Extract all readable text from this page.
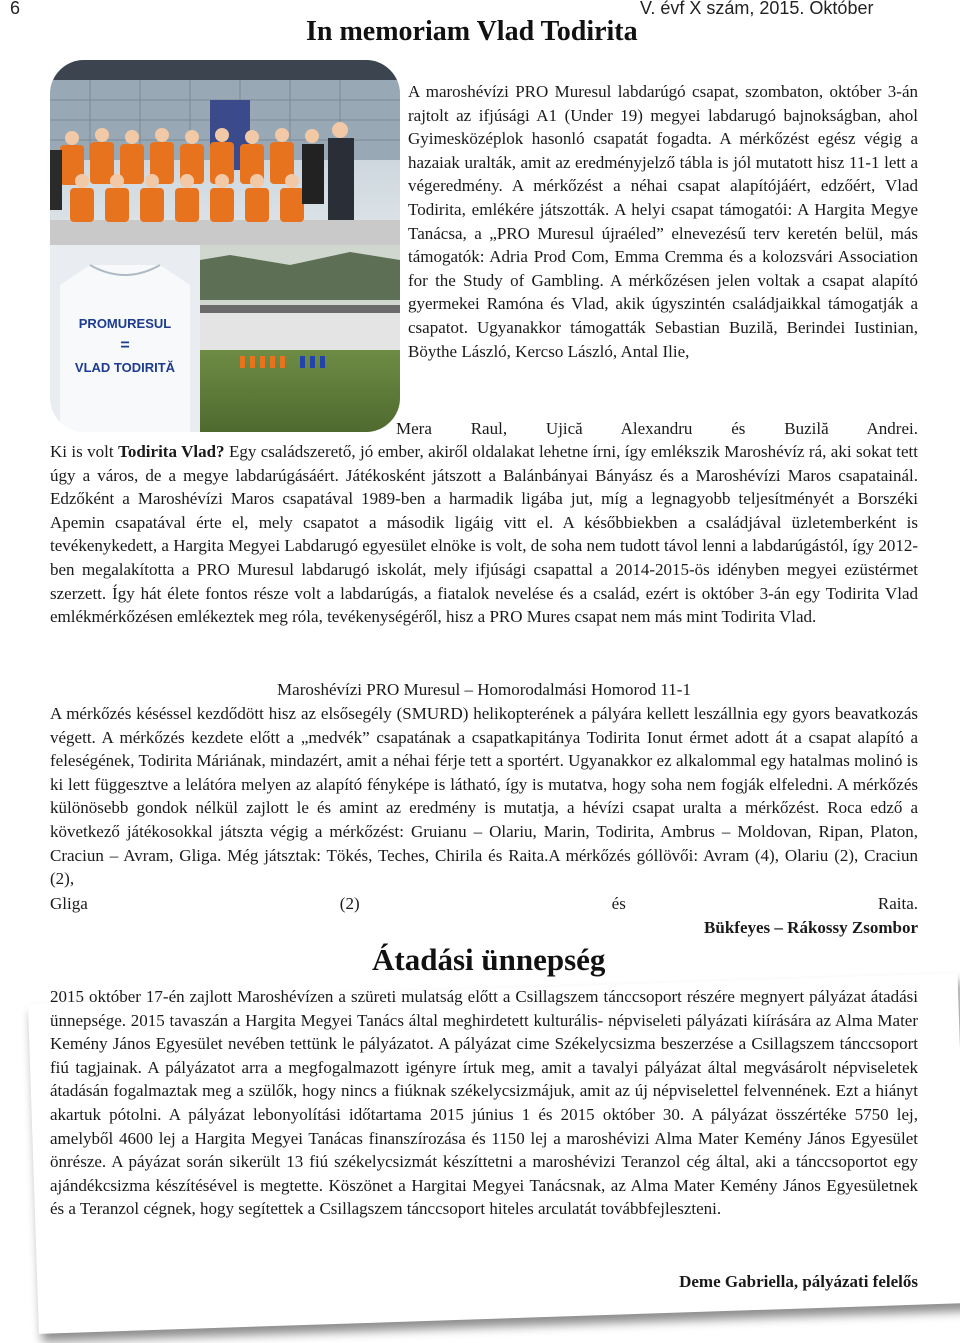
6	V. évf X szám, 2015. Október
In memoriam Vlad Todirita
PROMURESUL
=
VLAD TODIRITĂ

A maroshévízi PRO Muresul labdarúgó csapat, szombaton, október 3-án rajtolt az ifjúsági A1 (Under 19) megyei labdarugó bajnokságban, ahol Gyimesközéplok hasonló csapatát fogadta. A mérkőzést egész végig a hazaiak uralták, amit az eredményjelző tábla is jól mutatott hisz 11-1 lett a végeredmény. A mérkőzést a néhai csapat alapítójáért, edzőért, Vlad Todirita, emlékére játszották. A helyi csapat támogatói: A Hargita Megye Tanácsa, a „PRO Muresul újraéled” elnevezésű terv keretén belül, más támogatók: Adria Prod Com, Emma Cremma és a kolozsvári Association for the Study of Gambling. A mérkőzésen jelen voltak a csapat alapító gyermekei Ramóna és Vlad, akik úgyszintén családjaikkal támogatják a csapatot. Ugyanakkor támogatták Sebastian Buzilă, Berindei Iustinian, Böythe László, Kercso László, Antal Ilie,

Mera Raul, Ujică Alexandru és Buzilă Andrei.

Ki is volt Todirita Vlad? Egy családszerető, jó ember, akiről oldalakat lehetne írni, így emlékszik Maroshévíz rá, aki sokat tett úgy a város, de a megye labdarúgásáért. Játékosként játszott a Balánbányai Bányász és a Maroshévízi Maros csapatainál. Edzőként a Maroshévízi Maros csapatával 1989-ben a harmadik ligába jut, míg a legnagyobb teljesítményét a Borszéki Apemin csapatával érte el, mely csapatot a második ligáig vitt el. A későbbiekben a családjával üzletemberként is tevékenykedett, a Hargita Megyei Labdarugó egyesület elnöke is volt, de soha nem tudott távol lenni a labdarúgástól, így 2012-ben megalakította a PRO Muresul labdarugó iskolát, mely ifjúsági csapattal a 2014-2015-ös idényben megyei ezüstérmet szerzett. Így hát élete fontos része volt a labdarúgás, a fiatalok nevelése és a család, ezért is október 3-án egy Todirita Vlad emlékmérkőzésen emlékeztek meg róla, tevékenységéről, hisz a PRO Mures csapat nem más mint Todirita Vlad.

Maroshévízi PRO Muresul – Homorodalmási Homorod 11-1

A mérkőzés késéssel kezdődött hisz az elsősegély (SMURD) helikopterének a pályára kellett leszállnia egy gyors beavatkozás végett. A mérkőzés kezdete előtt a „medvék” csapatának a csapatkapitánya Todirita Ionut érmet adott át a csapat alapító a feleségének, Todirita Máriának, mindazért, amit a néhai férje tett a sportért. Ugyanakkor ez alkalommal egy hatalmas molinó is ki lett függesztve a lelátóra melyen az alapító fényképe is látható, így is mutatva, hogy soha nem fogják elfeledni. A mérkőzés különösebb gondok nélkül zajlott le és amint az eredmény is mutatja, a hévízi csapat uralta a mérkőzést. Roca edző a következő játékosokkal játszta végig a mérkőzést: Gruianu – Olariu, Marin, Todirita, Ambrus – Moldovan, Ripan, Platon, Craciun – Avram, Gliga. Még játsztak: Tökés, Teches, Chirila és Raita.A mérkőzés góllövői: Avram (4), Olariu (2), Craciun (2),

Gliga (2) és Raita.

Bükfeyes – Rákossy Zsombor

Átadási ünnepség

2015 október 17-én zajlott Maroshévízen a szüreti mulatság előtt a Csillagszem tánccsoport részére megnyert pályázat átadási ünnepsége. 2015 tavaszán a Hargita Megyei Tanács által meghirdetett kulturális- népviseleti pályázati kiírására az Alma Mater Kemény János Egyesület nevében tettünk le pályázatot. A pályázat cime Székelycsizma beszerzése a Csillagszem tánccsoport fiú tagjainak. A pályázatot arra a megfogalmazott igényre írtuk meg, amit a tavalyi pályázat által megvásárolt népviseletek átadásán fogalmaztak meg a szülők, hogy nincs a fiúknak székelycsizmájuk, amit az új népviselettel felvennének. Ezt a hiányt akartuk pótolni. A pályázat lebonyolítási időtartama 2015 június 1 és 2015 október 30. A pályázat összértéke 5750 lej, amelyből 4600 lej a Hargita Megyei Tanácas finanszírozása és 1150 lej a maroshévizi Alma Mater Kemény János Egyesület önrésze. A páyázat során sikerült 13 fiú székelycsizmát készíttetni a maroshévizi Teranzol cég által, aki a tánccsoportot egy ajándékcsizma készítésével is megtette. Köszönet a Hargitai Megyei Tanácsnak, az Alma Mater Kemény János Egyesületnek és a Teranzol cégnek, hogy segítettek a Csillagszem tánccsoport hiteles arculatát továbbfejleszteni.

Deme Gabriella, pályázati felelős
